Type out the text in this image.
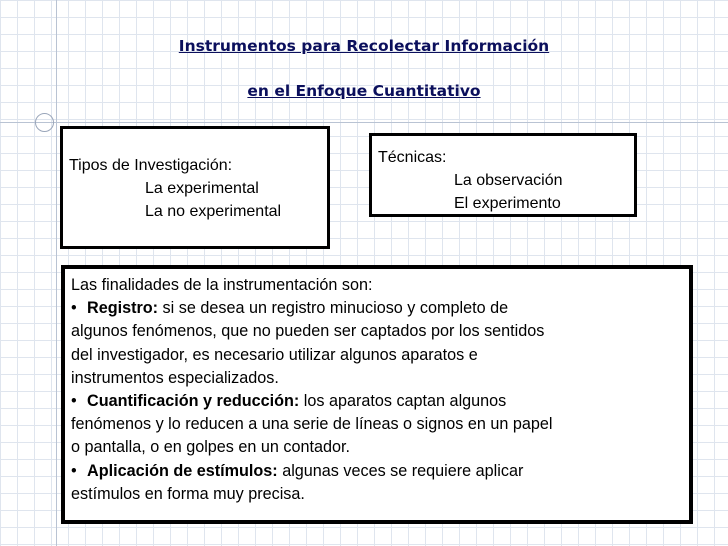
Instrumentos para Recolectar Información
en el Enfoque Cuantitativo
Tipos de Investigación:
La experimental
La no experimental
Técnicas:
La observación
El experimento
Las finalidades de la instrumentación son:
• Registro: si se desea un registro minucioso y completo de
algunos fenómenos, que no pueden ser captados por los sentidos
del investigador, es necesario utilizar algunos aparatos e
instrumentos especializados.
• Cuantificación y reducción: los aparatos captan algunos
fenómenos y lo reducen a una serie de líneas o signos en un papel
o pantalla, o en golpes en un contador.
• Aplicación de estímulos: algunas veces se requiere aplicar
estímulos en forma muy precisa.
